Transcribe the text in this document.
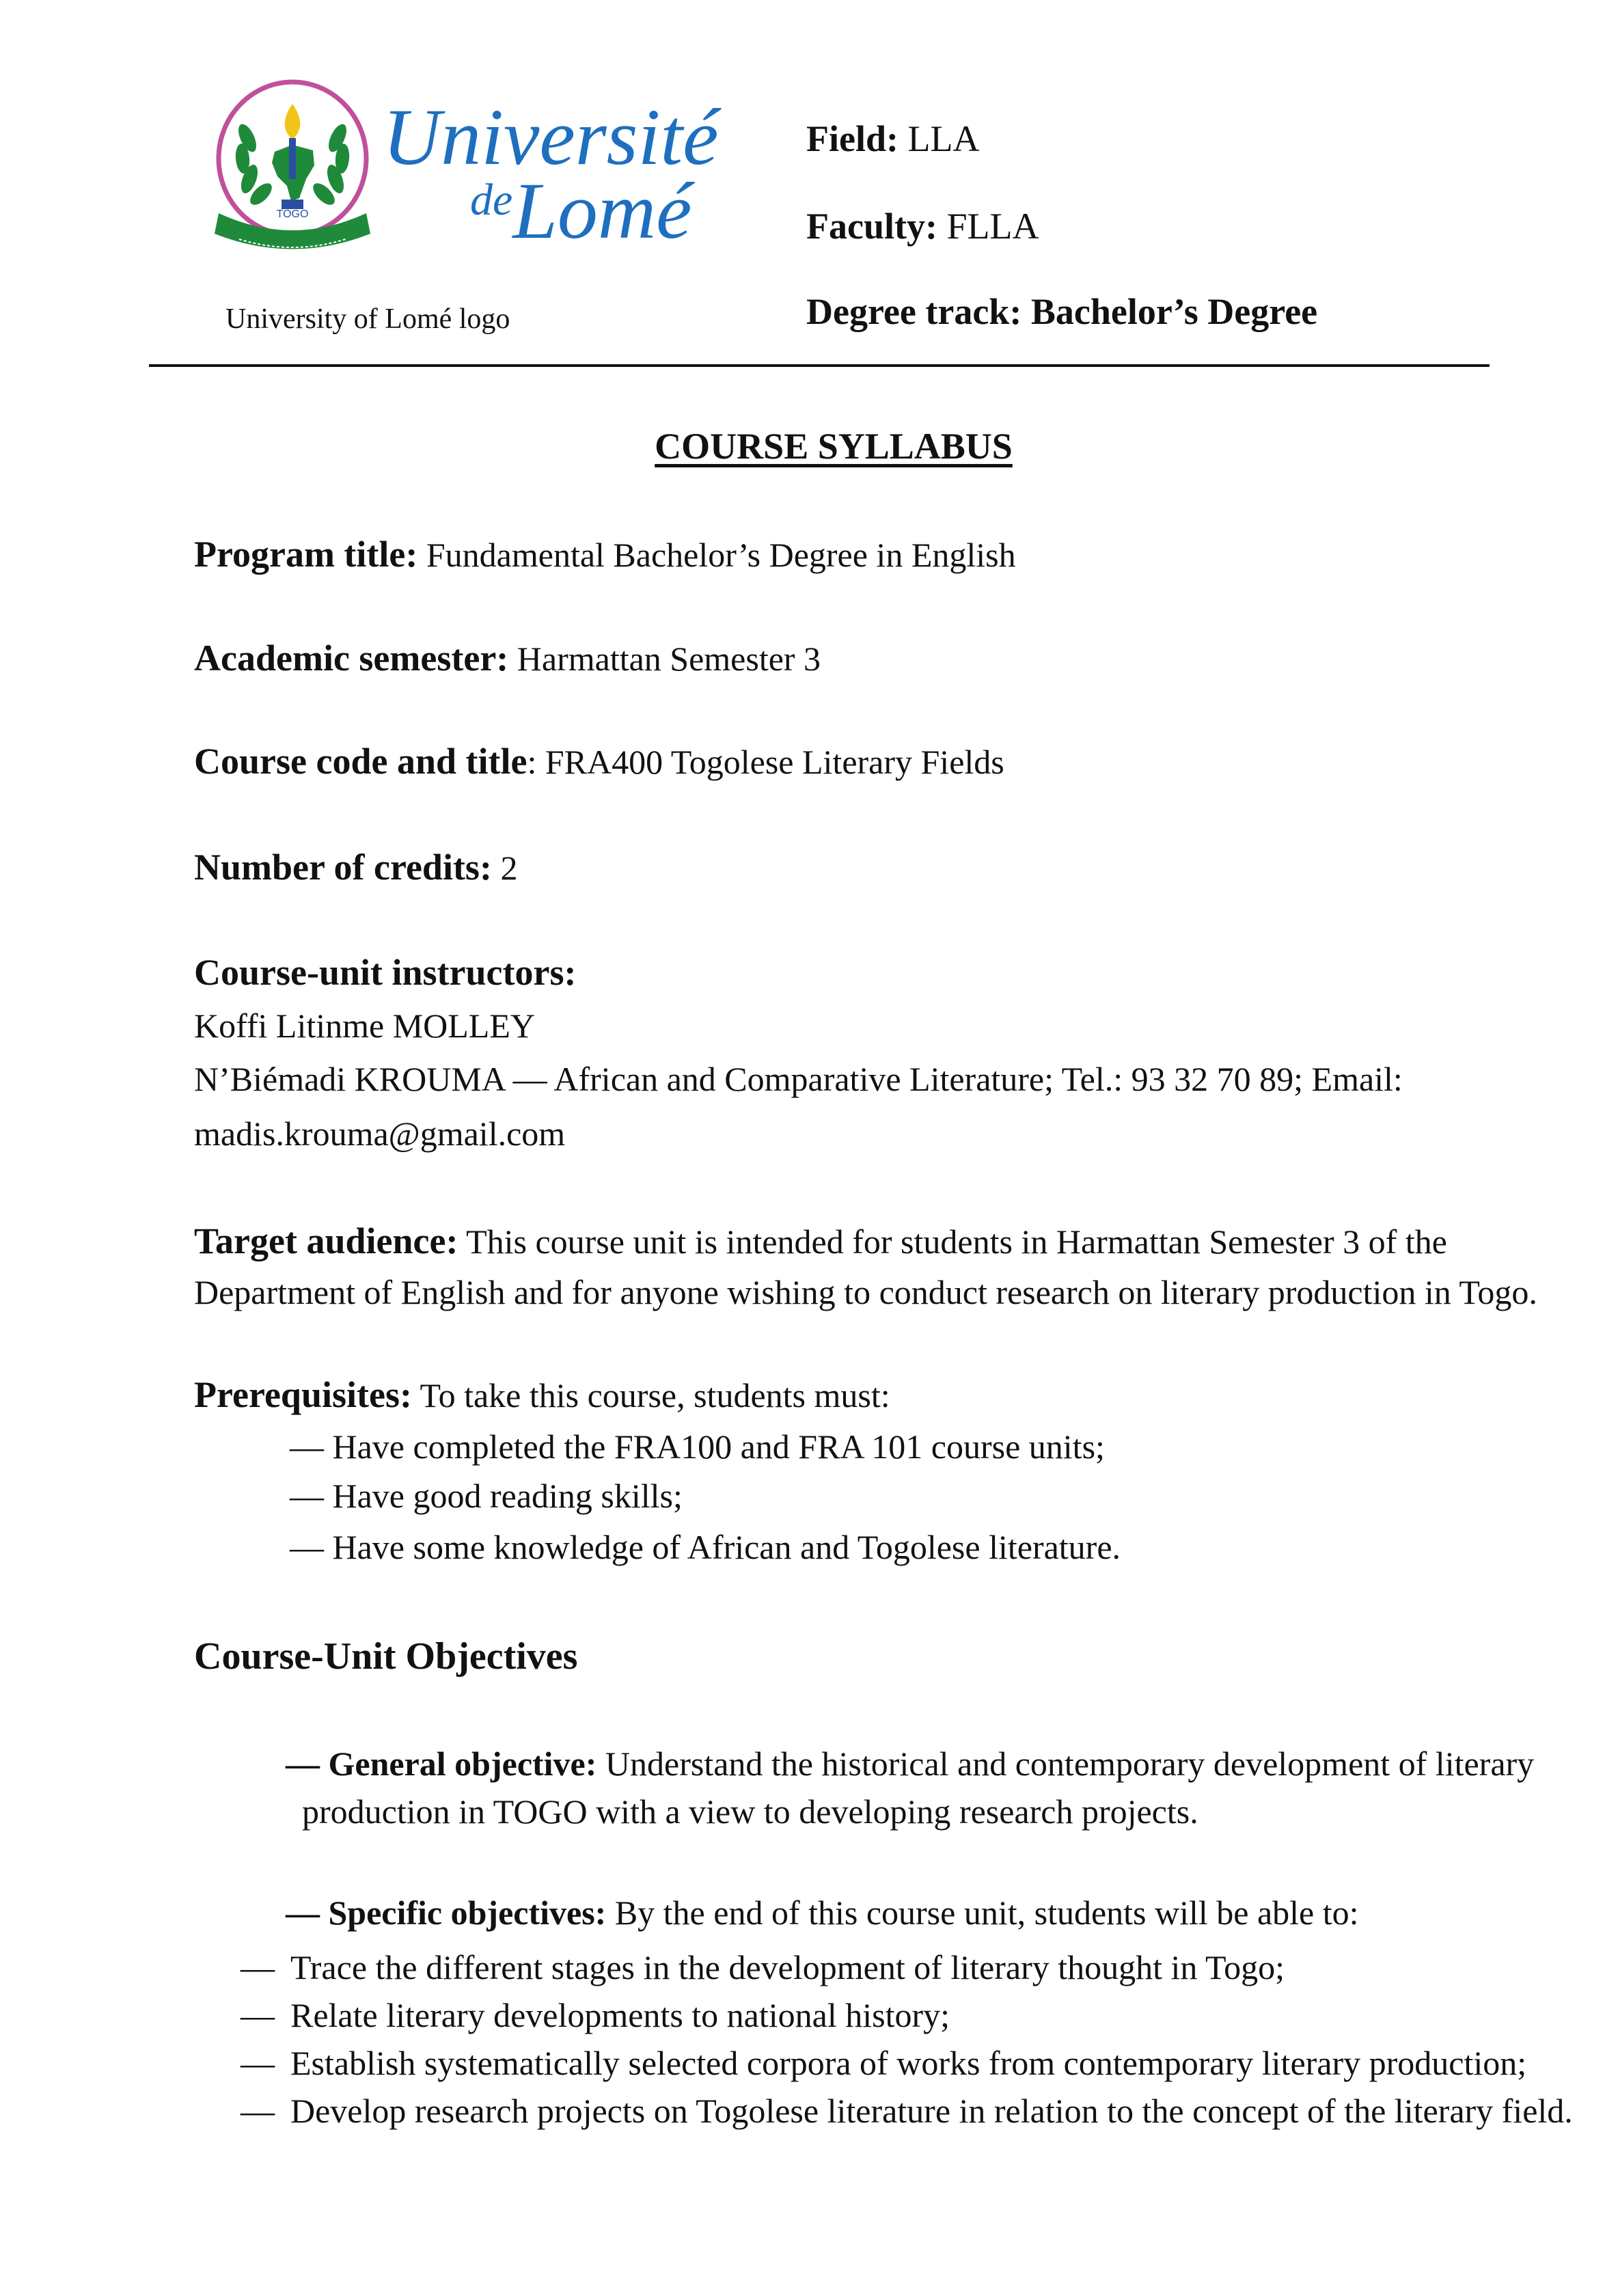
TOGO
Université
deLomé
University of Lomé logo
Field: LLA
Faculty: FLLA
Degree track: Bachelor’s Degree
COURSE SYLLABUS
Program title: Fundamental Bachelor’s Degree in English
Academic semester: Harmattan Semester 3
Course code and title: FRA400 Togolese Literary Fields
Number of credits: 2
Course-unit instructors:
Koffi Litinme MOLLEY
N’Biémadi KROUMA — African and Comparative Literature; Tel.: 93 32 70 89; Email:
madis.krouma@gmail.com
Target audience: This course unit is intended for students in Harmattan Semester 3 of the
Department of English and for anyone wishing to conduct research on literary production in Togo.
Prerequisites: To take this course, students must:
— Have completed the FRA100 and FRA 101 course units;
— Have good reading skills;
— Have some knowledge of African and Togolese literature.
Course-Unit Objectives
— General objective: Understand the historical and contemporary development of literary
production in TOGO with a view to developing research projects.
— Specific objectives: By the end of this course unit, students will be able to:
— Trace the different stages in the development of literary thought in Togo;
— Relate literary developments to national history;
— Establish systematically selected corpora of works from contemporary literary production;
— Develop research projects on Togolese literature in relation to the concept of the literary field.
